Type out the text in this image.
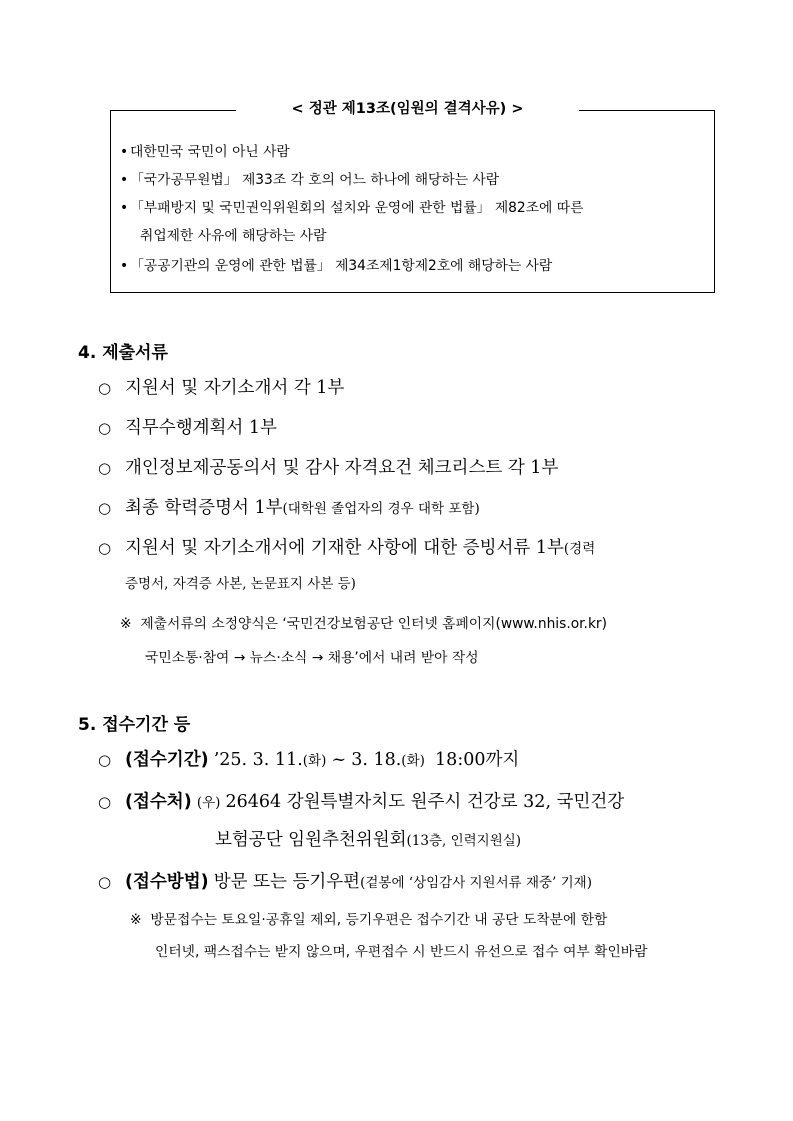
< 정관 제13조(임원의 결격사유) >
• 대한민국 국민이 아닌 사람
• 「국가공무원법」 제33조 각 호의 어느 하나에 해당하는 사람
• 「부패방지 및 국민권익위원회의 설치와 운영에 관한 법률」 제82조에 따른
취업제한 사유에 해당하는 사람
• 「공공기관의 운영에 관한 법률」 제34조제1항제2호에 해당하는 사람
4. 제출서류
○ 지원서 및 자기소개서 각 1부
○ 직무수행계획서 1부
○ 개인정보제공동의서 및 감사 자격요건 체크리스트 각 1부
○ 최종 학력증명서 1부(대학원 졸업자의 경우 대학 포함)
○ 지원서 및 자기소개서에 기재한 사항에 대한 증빙서류 1부(경력
증명서, 자격증 사본, 논문표지 사본 등)
※ 제출서류의 소정양식은 ‘국민건강보험공단 인터넷 홈페이지(www.nhis.or.kr)
국민소통·참여 → 뉴스·소식 → 채용’에서 내려 받아 작성
5. 접수기간 등
○ (접수기간) ’25. 3. 11.(화) ~ 3. 18.(화) 18:00까지
○ (접수처) (우) 26464 강원특별자치도 원주시 건강로 32, 국민건강
보험공단 임원추천위원회(13층, 인력지원실)
○ (접수방법) 방문 또는 등기우편(겉봉에 ‘상임감사 지원서류 재중’ 기재)
※ 방문접수는 토요일·공휴일 제외, 등기우편은 접수기간 내 공단 도착분에 한함
인터넷, 팩스접수는 받지 않으며, 우편접수 시 반드시 유선으로 접수 여부 확인바람
